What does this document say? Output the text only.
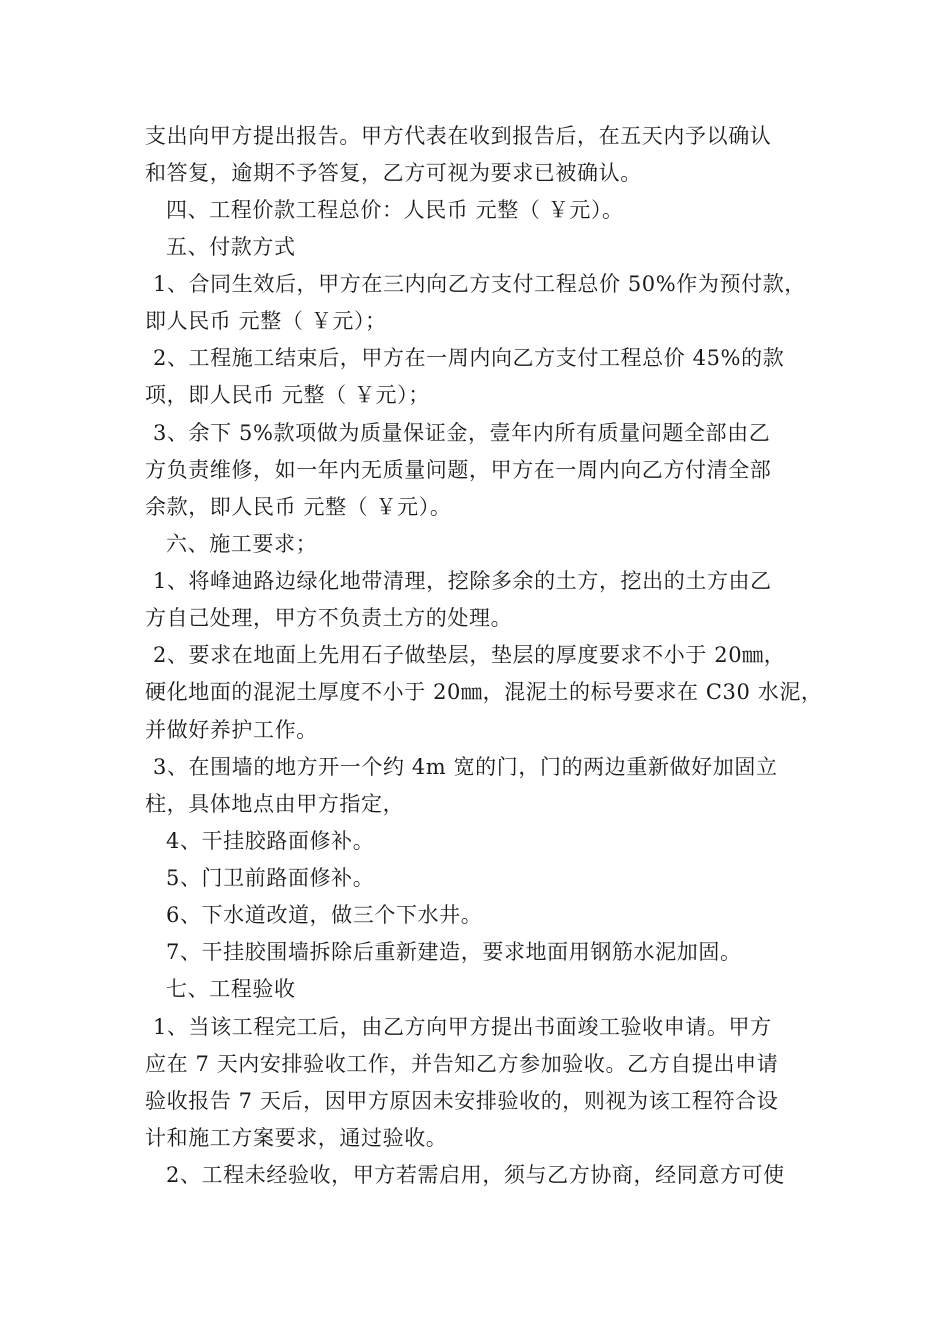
支出向甲方提出报告。甲方代表在收到报告后，在五天内予以确认
和答复，逾期不予答复，乙方可视为要求已被确认。
四、工程价款工程总价：人民币 元整（ ￥元）。
五、付款方式
1、合同生效后，甲方在三内向乙方支付工程总价 50%作为预付款，
即人民币 元整（ ￥元）；
2、工程施工结束后，甲方在一周内向乙方支付工程总价 45%的款
项，即人民币 元整（ ￥元）；
3、余下 5%款项做为质量保证金，壹年内所有质量问题全部由乙
方负责维修，如一年内无质量问题，甲方在一周内向乙方付清全部
余款，即人民币 元整（ ￥元）。
六、施工要求；
1、将峰迪路边绿化地带清理，挖除多余的土方，挖出的土方由乙
方自己处理，甲方不负责土方的处理。
2、要求在地面上先用石子做垫层，垫层的厚度要求不小于 20㎜，
硬化地面的混泥土厚度不小于 20㎜，混泥土的标号要求在 C30 水泥，
并做好养护工作。
3、在围墙的地方开一个约 4m 宽的门，门的两边重新做好加固立
柱，具体地点由甲方指定，
4、干挂胶路面修补。
5、门卫前路面修补。
6、下水道改道，做三个下水井。
7、干挂胶围墙拆除后重新建造，要求地面用钢筋水泥加固。
七、工程验收
1、当该工程完工后，由乙方向甲方提出书面竣工验收申请。甲方
应在 7 天内安排验收工作，并告知乙方参加验收。乙方自提出申请
验收报告 7 天后，因甲方原因未安排验收的，则视为该工程符合设
计和施工方案要求，通过验收。
2、工程未经验收，甲方若需启用，须与乙方协商，经同意方可使
